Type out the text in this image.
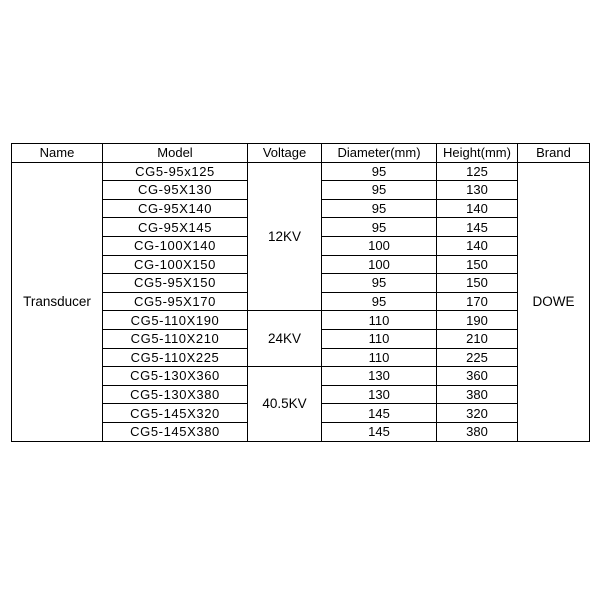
Name	Model	Voltage	Diameter(mm)	Height(mm)	Brand
Transducer	CG5-95x125	12KV	95	125	DOWE
	CG-95X130		95	130	
	CG-95X140		95	140	
	CG-95X145		95	145	
	CG-100X140		100	140	
	CG-100X150		100	150	
	CG5-95X150		95	150	
	CG5-95X170		95	170	
	CG5-110X190	24KV	110	190	
	CG5-110X210		110	210	
	CG5-110X225		110	225	
	CG5-130X360	40.5KV	130	360	
	CG5-130X380		130	380	
	CG5-145X320		145	320	
	CG5-145X380		145	380	
